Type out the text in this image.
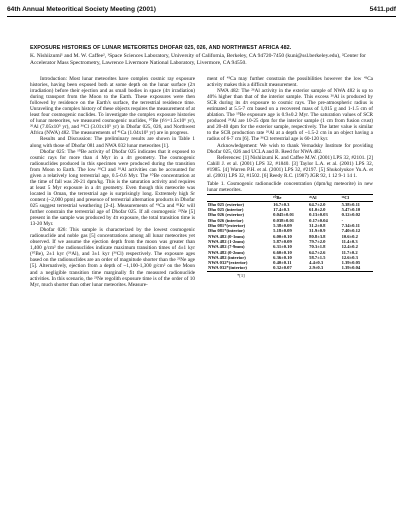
64th Annual Meteoritical Society Meeting (2001)	5411.pdf

EXPOSURE HISTORIES OF LUNAR METEORITES DHOFAR 025, 026, AND NORTHWEST AFRICA 482.

K. Nishiizumi¹ and M. W. Caffee², ¹Space Sciences Laboratory, University of California, Berkeley, CA 94720-7450 (kuni@ssl.berkeley.edu), ²Center for Accelerator Mass Spectrometry, Lawrence Livermore National Laboratory, Livermore, CA 94550.

Introduction: Most lunar meteorites have complex cosmic ray exposure histories, having been exposed both at some depth on the lunar surface (2π irradiation) before their ejection and as small bodies in space (4π irradiation) during transport from the Moon to the Earth. These exposures were then followed by residence on the Earth's surface, the terrestrial residence time. Unraveling the complex history of these objects requires the measurement of at least four cosmogenic nuclides. To investigate the complex exposure histories of lunar meteorites, we measured cosmogenic nuclides, ¹⁰Be (t½=1.5x10⁶ yr), ²⁶Al (7.05x10⁵ yr), and ³⁶Cl (3.01x10⁵ yr) in Dhofar 025, 026, and Northwest Africa (NWA) 482. The measurements of ⁴¹Ca (1.04x10⁵ yr) are in progress.

Results and Discussion: The preliminary results are shown in Table 1 along with those of Dhofar 081 and NWA 032 lunar meteorites [1].

Dhofar 025: The ¹⁰Be activity of Dhofar 025 indicates that it exposed to cosmic rays for more than 4 Myr in a 4π geometry. The cosmogenic radionuclides produced in this specimen were produced during the transition from Moon to Earth. The low ³⁶Cl and ²⁶Al activities can be accounted for given a relatively long terrestrial age, 0.5-0.6 Myr. The ¹⁰Be concentration at the time of fall was 20-21 dpm/kg. This is the saturation activity and requires at least 5 Myr exposure in a 4π geometry. Even though this meteorite was located in Oman, the terrestrial age is surprisingly long. Extremely high Sr content (~2,000 ppm) and presence of terrestrial alternation products in Dhofar 025 suggest terrestrial weathering [2-4]. Measurements of ⁴¹Ca and ⁸¹Kr will further constrain the terrestrial age of Dhofar 025. If all cosmogenic ²¹Ne [5] present in the sample was produced by 4π exposure, the total transition time is 13-20 Myr.

Dhofar 026: This sample is characterized by the lowest cosmogenic radionuclide and noble gas [5] concentrations among all lunar meteorites yet observed. If we assume the ejection depth from the moon was greater than 1,400 g/cm² the radionuclides indicate maximum transition times of 4±1 kyr (¹⁰Be), 2±1 kyr (²⁶Al), and 3±1 kyr (³⁶Cl) respectively. The exposure ages based on the radionuclides are an order of magnitude shorter than the ²¹Ne age [5]. Alternatively, ejection from a depth of ~1,100-1,300 g/cm² on the Moon and a negligible transition time marginally fit the measured radionuclide activities. In this scenario, the ²¹Ne regolith exposure time is of the order of 10 Myr, much shorter than other lunar meteorites. Measure-

ment of ⁴¹Ca may further constrain the possibilities however the low ⁴¹Ca activity makes this a difficult measurement.

NWA 482: The ²⁶Al activity in the exterior sample of NWA 482 is up to 40% higher than that of the interior sample. This excess ²⁶Al is produced by SCR during its 4π exposure to cosmic rays. The pre-atmospheric radius is estimated at 5.5-7 cm based on a recovered mass of 1,015 g and 1-1.5 cm of ablation. The ¹⁰Be exposure age is 0.9±0.2 Myr. The saturation values of SCR produced ²⁶Al are 10-25 dpm for the interior sample (1 cm from fusion crust) and 20-40 dpm for the exterior sample, respectively. The latter value is similar to the SCR production rate ²⁶Al at a depth of ~1.5-2 cm in an object having a radius of 6-7 cm [6]. The ³⁶Cl terrestrial age is 60-120 kyr.

Acknowledgement: We wish to thank Vernadsky Institute for providing Dhofar 025, 026 and UCLA and B. Reed for NWA 482.

References: [1] Nishiizumi K. and Caffee M.W. (2001) LPS 32, #2101. [2] Cahill J. et al. (2001) LPS 32, #1840. [3] Taylor L.A. et al. (2001) LPS 32, #1985. [4] Warren P.H. et al. (2001) LPS 32, #2197. [5] Shukolyukov Yu.A. et al. (2001) LPS 32, #1502. [6] Reedy R.C. (1987) JGR 92, 1 12 9-1 14 1.

Table 1. Cosmogenic radionuclide concentration (dpm/kg meteorite) in new lunar meteorites.
	¹⁰Be	²⁶Al	³⁶Cl
Dho 025 (exterior)	16.7±0.3	64.7±2.0	5.38±0.11
Dho 025 (interior)	17.4±0.3	61.0±2.0	5.47±0.10
Dho 026 (exterior)	0.045±0.01	0.13±0.03	0.12±0.02
Dho 026 (interior)	0.038±0.01	0.17±0.04	-
Dho 081*(exterior)	5.38±0.09	31.2±0.8	7.34±0.11
Dho 081*(interior)	5.18±0.09	31.9±0.9	7.40±0.12
NWA 482 (0-1mm)	6.00±0.10	80.8±3.8	10.6±0.2
NWA 482 (1-2mm)	5.87±0.09	79.7±2.0	11.4±0.3
NWA 482 (7-9mm)	6.31±0.10	70.3±1.8	12.4±0.2
NWA 482 (0-2mm)	6.60±0.10	64.7±2.6	11.7±0.2
NWA 482 (interior)	6.36±0.10	58.7±1.5	12.6±0.3
NWA 032*(exterior)	0.40±0.11	4.4±0.3	1.39±0.05
NWA 032*(interior)	0.32±0.07	2.9±0.3	1.39±0.04
*[1]
